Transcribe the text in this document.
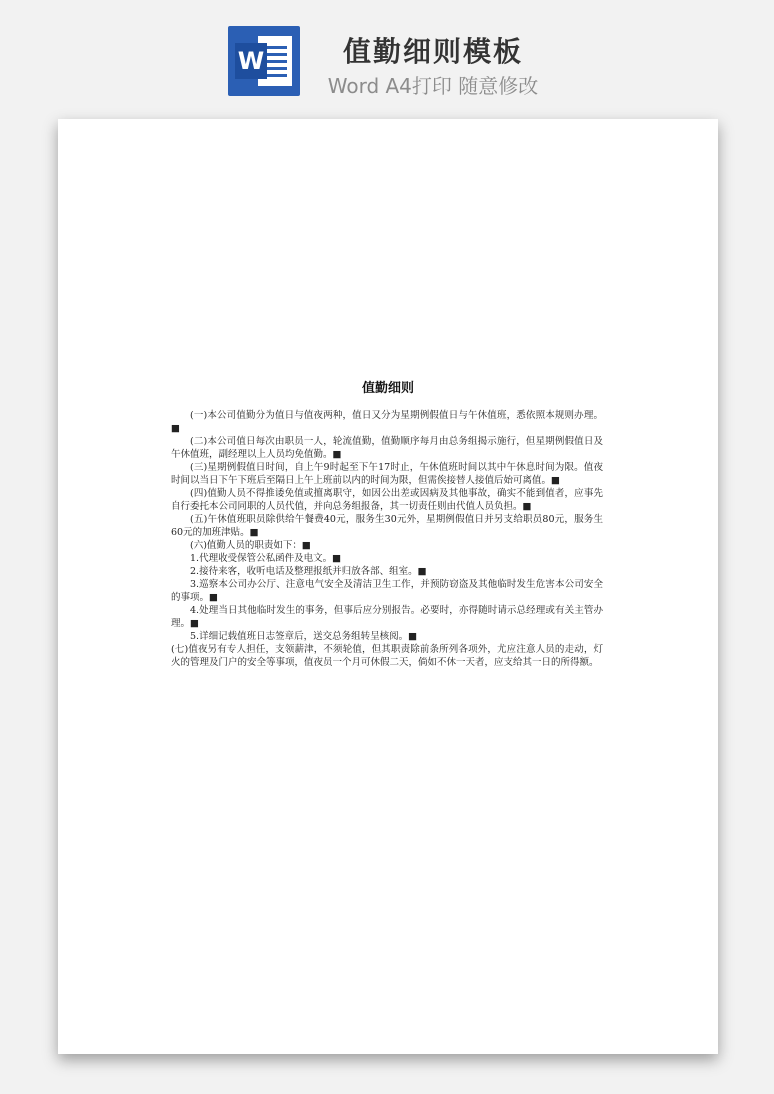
W	值勤细则模板
Word A4打印 随意修改
值勤细则

(一)本公司值勤分为值日与值夜两种，值日又分为星期例假值日与午休值班，悉依照本规则办理。■

(二)本公司值日每次由职员一人，轮流值勤，值勤顺序每月由总务组揭示施行，但星期例假值日及午休值班，副经理以上人员均免值勤。■

(三)星期例假值日时间，自上午9时起至下午17时止，午休值班时间以其中午休息时间为限。值夜时间以当日下午下班后至隔日上午上班前以内的时间为限，但需俟接替人接值后始可离值。■

(四)值勤人员不得推诿免值或擅离职守，如因公出差或因病及其他事故，确实不能到值者，应事先自行委托本公司同职的人员代值，并向总务组报备，其一切责任则由代值人员负担。■

(五)午休值班职员除供给午餐费40元，服务生30元外，星期例假值日并另支给职员80元，服务生60元的加班津贴。■

(六)值勤人员的职责如下：■

1.代理收受保管公私函件及电文。■

2.接待来客，收听电话及整理报纸并归放各部、组室。■

3.巡察本公司办公厅、注意电气安全及清洁卫生工作，并预防窃盗及其他临时发生危害本公司安全的事项。■

4.处理当日其他临时发生的事务，但事后应分别报告。必要时，亦得随时请示总经理或有关主管办理。■

5.详细记载值班日志签章后，送交总务组转呈核阅。■

(七)值夜另有专人担任，支领薪津，不须轮值，但其职责除前条所列各项外，尤应注意人员的走动，灯火的管理及门户的安全等事项，值夜员一个月可休假二天，倘如不休一天者，应支给其一日的所得额。
